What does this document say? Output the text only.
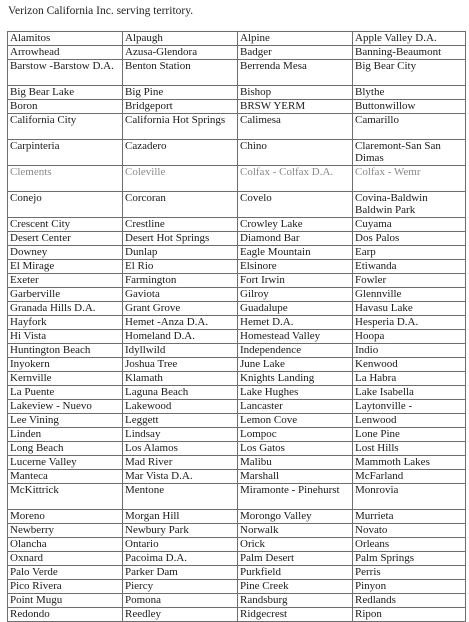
Verizon California Inc. serving territory.
Alamitos	Alpaugh	Alpine	Apple Valley D.A.
Arrowhead	Azusa-Glendora	Badger	Banning-Beaumont
Barstow -Barstow D.A.	Benton Station	Berrenda Mesa	Big Bear City
Big Bear Lake	Big Pine	Bishop	Blythe
Boron	Bridgeport	BRSW YERM	Buttonwillow
California City	California Hot Springs	Calimesa	Camarillo
Carpinteria	Cazadero	Chino	Claremont-San San Dimas
Clements	Coleville	Colfax - Colfax D.A.	Colfax - Wemr
Conejo	Corcoran	Covelo	Covina-Baldwin Baldwin Park
Crescent City	Crestline	Crowley Lake	Cuyama
Desert Center	Desert Hot Springs	Diamond Bar	Dos Palos
Downey	Dunlap	Eagle Mountain	Earp
El Mirage	El Rio	Elsinore	Etiwanda
Exeter	Farmington	Fort Irwin	Fowler
Garberville	Gaviota	Gilroy	Glennville
Granada Hills D.A.	Grant Grove	Guadalupe	Havasu Lake
Hayfork	Hemet -Anza D.A.	Hemet D.A.	Hesperia D.A.
Hi Vista	Homeland D.A.	Homestead Valley	Hoopa
Huntington Beach	Idyllwild	Independence	Indio
Inyokern	Joshua Tree	June Lake	Kenwood
Kernville	Klamath	Knights Landing	La Habra
La Puente	Laguna Beach	Lake Hughes	Lake Isabella
Lakeview - Nuevo	Lakewood	Lancaster	Laytonville -
Lee Vining	Leggett	Lemon Cove	Lenwood
Linden	Lindsay	Lompoc	Lone Pine
Long Beach	Los Alamos	Los Gatos	Lost Hills
Lucerne Valley	Mad River	Malibu	Mammoth Lakes
Manteca	Mar Vista D.A.	Marshall	McFarland
McKittrick	Mentone	Miramonte - Pinehurst	Monrovia
Moreno	Morgan Hill	Morongo Valley	Murrieta
Newberry	Newbury Park	Norwalk	Novato
Olancha	Ontario	Orick	Orleans
Oxnard	Pacoima D.A.	Palm Desert	Palm Springs
Palo Verde	Parker Dam	Purkfield	Perris
Pico Rivera	Piercy	Pine Creek	Pinyon
Point Mugu	Pomona	Randsburg	Redlands
Redondo	Reedley	Ridgecrest	Ripon
